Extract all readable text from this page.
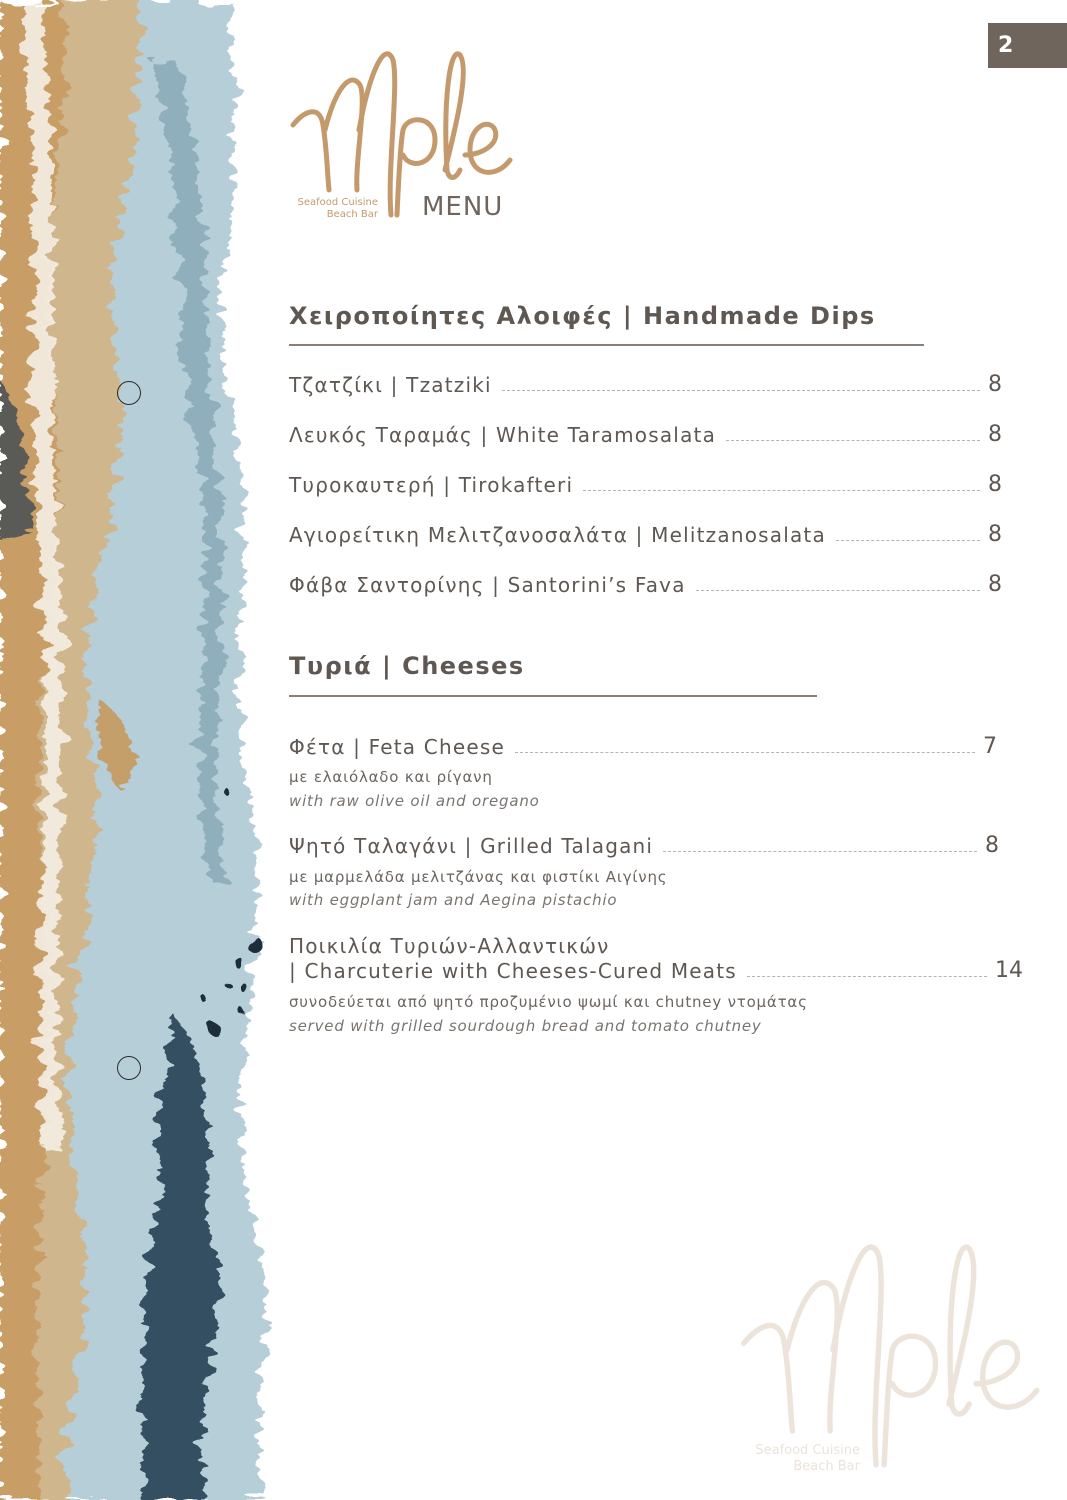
2
Seafood Cuisine
Beach Bar MENU
Χειροποίητες Αλοιφές | Handmade Dips
Τζατζίκι | Tzatziki	8
Λευκός Ταραμάς | White Taramosalata	8
Τυροκαυτερή | Tirokafteri	8
Αγιορείτικη Μελιτζανοσαλάτα | Melitzanosalata	8
Φάβα Σαντορίνης | Santorini’s Fava	8
Τυριά | Cheeses
Φέτα | Feta Cheese	7
με ελαιόλαδο και ρίγανη
with raw olive oil and oregano
Ψητό Ταλαγάνι | Grilled Talagani	8
με μαρμελάδα μελιτζάνας και φιστίκι Αιγίνης
with eggplant jam and Aegina pistachio
Ποικιλία Τυριών-Αλλαντικών
| Charcuterie with Cheeses-Cured Meats	14
συνοδεύεται από ψητό προζυμένιο ψωμί και chutney ντομάτας
served with grilled sourdough bread and tomato chutney
Seafood Cuisine
Beach Bar
